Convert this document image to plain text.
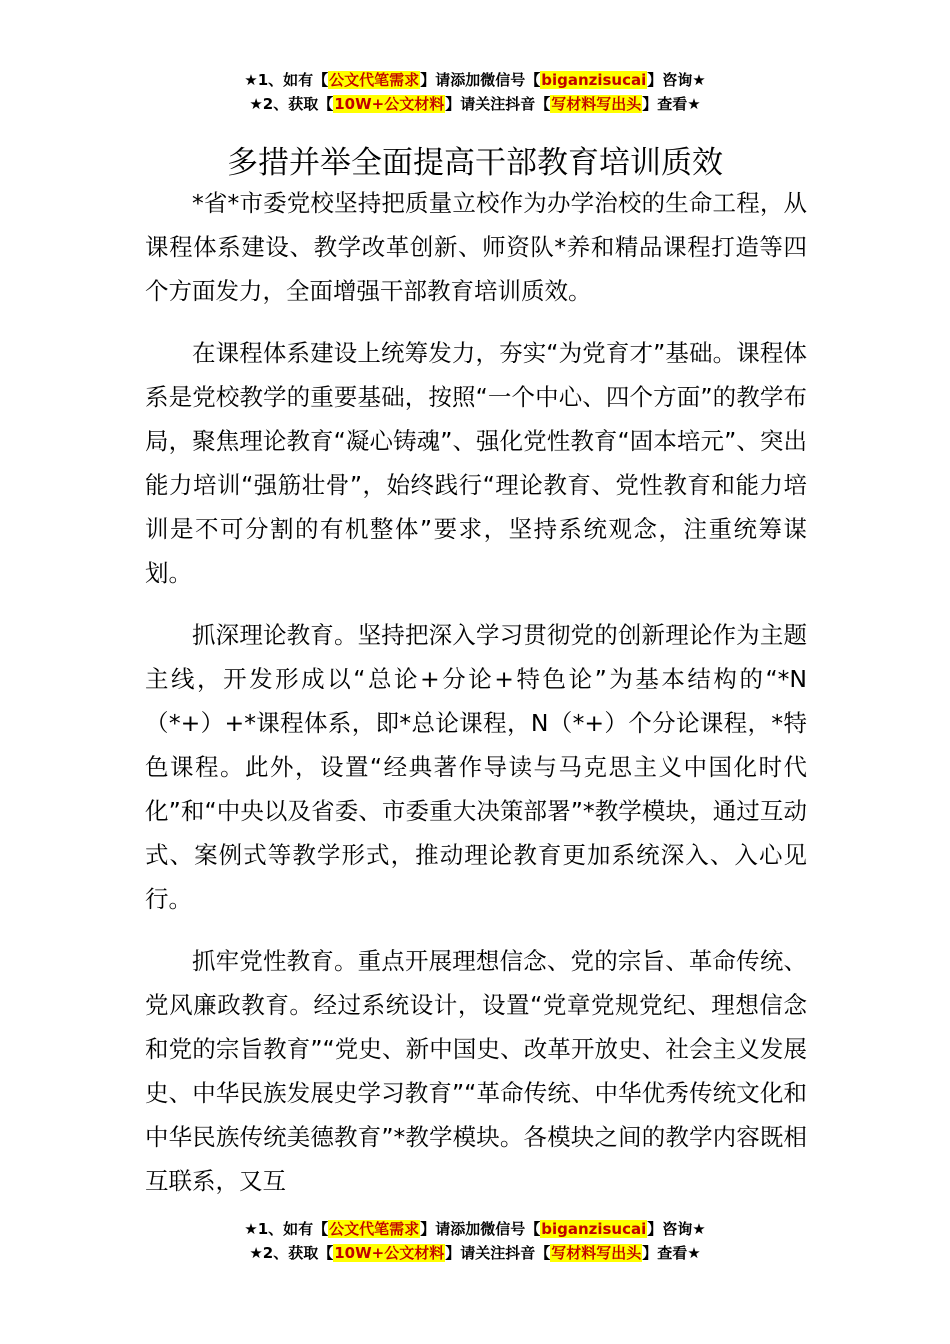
★1、如有【公文代笔需求】请添加微信号【biganzisucai】咨询★
★2、获取【10W+公文材料】请关注抖音【写材料写出头】查看★
多措并举全面提高干部教育培训质效

*省*市委党校坚持把质量立校作为办学治校的生命工程，从课程体系建设、教学改革创新、师资队*养和精品课程打造等四个方面发力，全面增强干部教育培训质效。

在课程体系建设上统筹发力，夯实“为党育才”基础。课程体系是党校教学的重要基础，按照“一个中心、四个方面”的教学布局，聚焦理论教育“凝心铸魂”、强化党性教育“固本培元”、突出能力培训“强筋壮骨”，始终践行“理论教育、党性教育和能力培训是不可分割的有机整体”要求，坚持系统观念，注重统筹谋划。

抓深理论教育。坚持把深入学习贯彻党的创新理论作为主题主线，开发形成以“总论+分论+特色论”为基本结构的“*N（*+）+*课程体系，即*总论课程，N（*+）个分论课程，*特色课程。此外，设置“经典著作导读与马克思主义中国化时代化”和“中央以及省委、市委重大决策部署”*教学模块，通过互动式、案例式等教学形式，推动理论教育更加系统深入、入心见行。

抓牢党性教育。重点开展理想信念、党的宗旨、革命传统、党风廉政教育。经过系统设计，设置“党章党规党纪、理想信念和党的宗旨教育”“党史、新中国史、改革开放史、社会主义发展史、中华民族发展史学习教育”“革命传统、中华优秀传统文化和中华民族传统美德教育”*教学模块。各模块之间的教学内容既相互联系，又互

★1、如有【公文代笔需求】请添加微信号【biganzisucai】咨询★
★2、获取【10W+公文材料】请关注抖音【写材料写出头】查看★
